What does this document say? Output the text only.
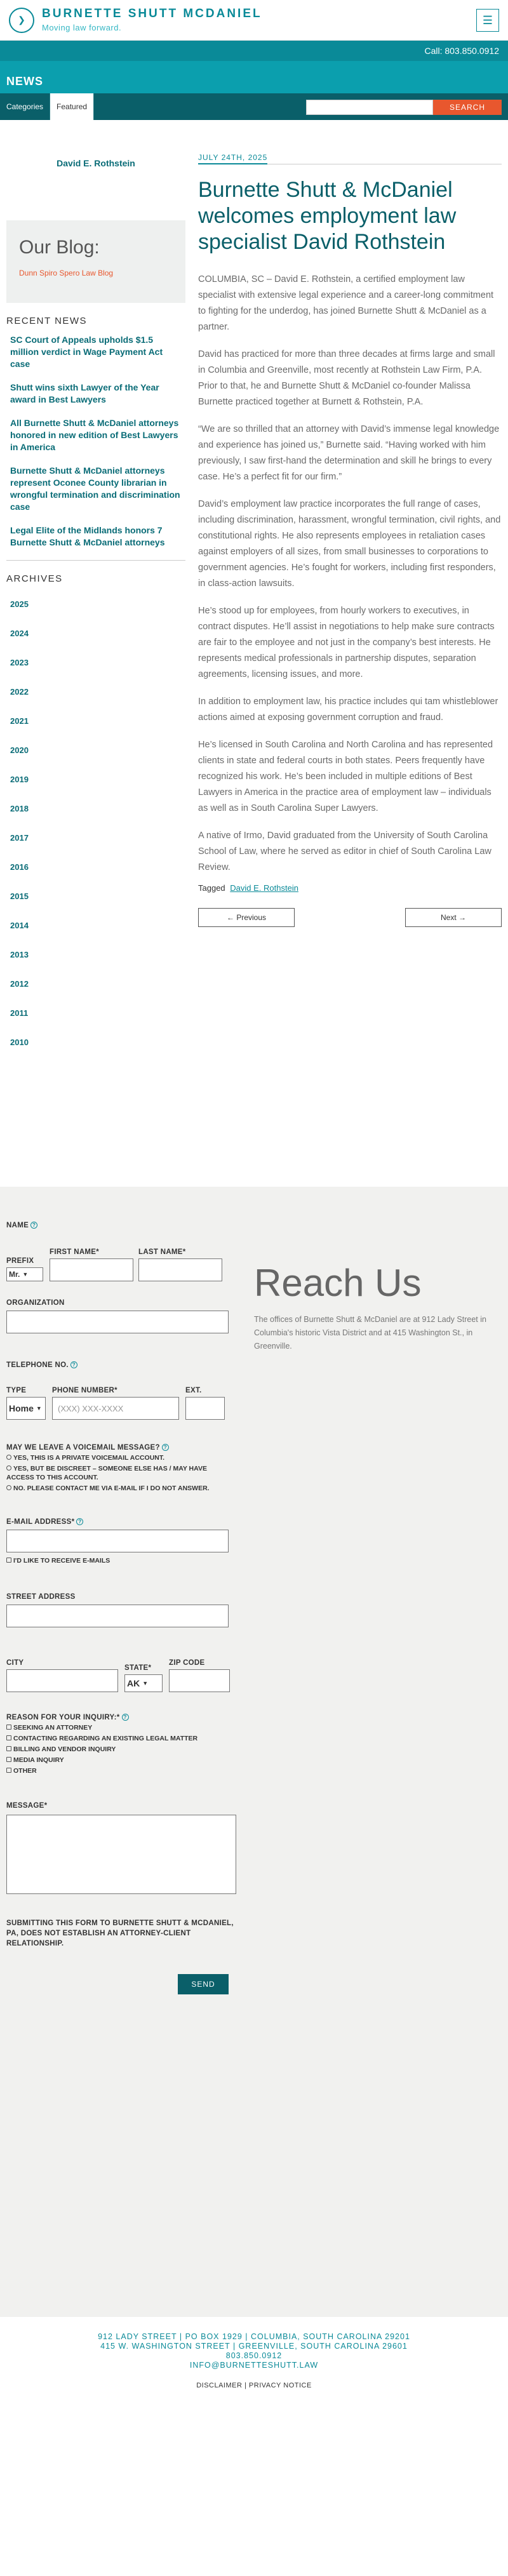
❯	BURNETTE SHUTT MCDANIEL
Moving law forward.
☰
Call: 803.850.0912
NEWS
Categories	Featured	SEARCH
David E. Rothstein
Our Blog:
Dunn Spiro Spero Law Blog
RECENT NEWS
SC Court of Appeals upholds $1.5 million verdict in Wage Payment Act case
Shutt wins sixth Lawyer of the Year award in Best Lawyers
All Burnette Shutt & McDaniel attorneys honored in new edition of Best Lawyers in America
Burnette Shutt & McDaniel attorneys represent Oconee County librarian in wrongful termination and discrimination case
Legal Elite of the Midlands honors 7 Burnette Shutt & McDaniel attorneys
ARCHIVES
2025
2024
2023
2022
2021
2020
2019
2018
2017
2016
2015
2014
2013
2012
2011
2010
JULY 24TH, 2025
Burnette Shutt & McDaniel welcomes employment law specialist David Rothstein

COLUMBIA, SC – David E. Rothstein, a certified employment law specialist with extensive legal experience and a career-long commitment to fighting for the underdog, has joined Burnette Shutt & McDaniel as a partner.

David has practiced for more than three decades at firms large and small in Columbia and Greenville, most recently at Rothstein Law Firm, P.A. Prior to that, he and Burnette Shutt & McDaniel co-founder Malissa Burnette practiced together at Burnett & Rothstein, P.A.

“We are so thrilled that an attorney with David’s immense legal knowledge and experience has joined us,” Burnette said. “Having worked with him previously, I saw first-hand the determination and skill he brings to every case. He’s a perfect fit for our firm.”

David’s employment law practice incorporates the full range of cases, including discrimination, harassment, wrongful termination, civil rights, and constitutional rights. He also represents employees in retaliation cases against employers of all sizes, from small businesses to corporations to government agencies. He’s fought for workers, including first responders, in class-action lawsuits.

He’s stood up for employees, from hourly workers to executives, in contract disputes. He’ll assist in negotiations to help make sure contracts are fair to the employee and not just in the company’s best interests. He represents medical professionals in partnership disputes, separation agreements, licensing issues, and more.

In addition to employment law, his practice includes qui tam whistleblower actions aimed at exposing government corruption and fraud.

He’s licensed in South Carolina and North Carolina and has represented clients in state and federal courts in both states. Peers frequently have recognized his work. He’s been included in multiple editions of Best Lawyers in America in the practice area of employment law – individuals as well as in South Carolina Super Lawyers.

A native of Irmo, David graduated from the University of South Carolina School of Law, where he served as editor in chief of South Carolina Law Review.

Tagged David E. Rothstein
← Previous	Next →
Reach Us

The offices of Burnette Shutt & McDaniel are at 912 Lady Street in Columbia's historic Vista District and at 415 Washington St., in Greenville.

NAME ?
PREFIX
Mr. ▼
FIRST NAME*	LAST NAME*
ORGANIZATION
TELEPHONE NO. ?
TYPE
Home ▼
PHONE NUMBER*
(XXX) XXX-XXXX
EXT.
MAY WE LEAVE A VOICEMAIL MESSAGE? ?
YES, THIS IS A PRIVATE VOICEMAIL ACCOUNT.
YES, BUT BE DISCREET – SOMEONE ELSE HAS / MAY HAVE ACCESS TO THIS ACCOUNT.
NO. PLEASE CONTACT ME VIA E-MAIL IF I DO NOT ANSWER.
E-MAIL ADDRESS* ?
I'D LIKE TO RECEIVE E-MAILS
STREET ADDRESS
CITY
STATE*
AK ▼
ZIP CODE
REASON FOR YOUR INQUIRY:* ?
SEEKING AN ATTORNEY
CONTACTING REGARDING AN EXISTING LEGAL MATTER
BILLING AND VENDOR INQUIRY
MEDIA INQUIRY
OTHER
MESSAGE*
SUBMITTING THIS FORM TO BURNETTE SHUTT & MCDANIEL, PA, DOES NOT ESTABLISH AN ATTORNEY-CLIENT RELATIONSHIP.
SEND
912 LADY STREET | PO BOX 1929 | COLUMBIA, SOUTH CAROLINA 29201
415 W. WASHINGTON STREET | GREENVILLE, SOUTH CAROLINA 29601
803.850.0912
INFO@BURNETTESHUTT.LAW
DISCLAIMER | PRIVACY NOTICE
